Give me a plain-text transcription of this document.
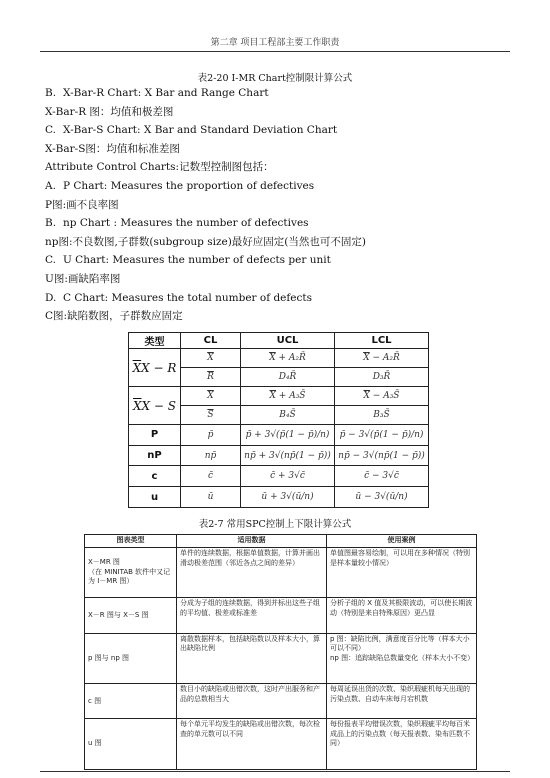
第二章 项目工程部主要工作职责
表2-20 I-MR Chart控制限计算公式
B. X-Bar-R Chart: X Bar and Range Chart
X-Bar-R 图：均值和极差图
C. X-Bar-S Chart: X Bar and Standard Deviation Chart
X-Bar-S图：均值和标准差图
Attribute Control Charts:记数型控制图包括：
A. P Chart: Measures the proportion of defectives
P图:画不良率图
B. np Chart : Measures the number of defectives
np图:不良数图,子群数(subgroup size)最好应固定(当然也可不固定)
C. U Chart: Measures the number of defects per unit
U图:画缺陷率图
D. C Chart: Measures the total number of defects
C图:缺陷数图，子群数应固定
类型	CL	UCL	LCL
$\overline{X}X - R$	X	X + A₂R̄	X − A₂R̄
	$\overline{R}$	D₄R̄	D₃R̄
$\overline{X}X - S$	X	X + A₃S̄	X − A₃S̄
	$\overline{S}$	B₄S̄	B₃S̄
P	p̄	p̄ + 3√(p̄(1 − p̄)/n)	p̄ − 3√(p̄(1 − p̄)/n)
nP	np̄	np̄ + 3√(np̄(1 − p̄))	np̄ − 3√(np̄(1 − p̄))
c	c̄	c̄ + 3√c̄	c̄ − 3√c̄
u	ū	ū + 3√(ū/n)	ū − 3√(ū/n)
表2-7 常用SPC控制上下限计算公式
图表类型	适用数据	使用案例
X－MR 图
（在 MINITAB 软件中又记为 I－MR 图）	单件的连续数据，根据单值数据，计算并画出滑动极差范围（邻近各点之间的差异）	单值图最容易绘制，可以用在多种情况（特别是样本量较小情况）
X－R 图与 X－S 图	分成为子组的连续数据，得到并标出这些子组的平均值、极差或标准差	分析子组的 X 值及其极限波动，可以使长期波动（特别是来自特殊原因）更凸显
p 图与 np 图	离散数据样本，包括缺陷数以及样本大小，算出缺陷比例	p 图：缺陷比例，满意度百分比等（样本大小可以不同）
np 图：追踪缺陷总数量变化（样本大小不变）
c 图	数目小的缺陷或出错次数，这时产出服务和产品的总数相当大	每周延误出货的次数、染织瑕疵机每天出现的污染点数、自动车床每月宕机数
u 图	每个单元平均发生的缺陷或出错次数，每次检查的单元数可以不同	每份报表平均错误次数，染织瑕疵平均每百米成品上的污染点数（每天报表数、染布匹数不同）
